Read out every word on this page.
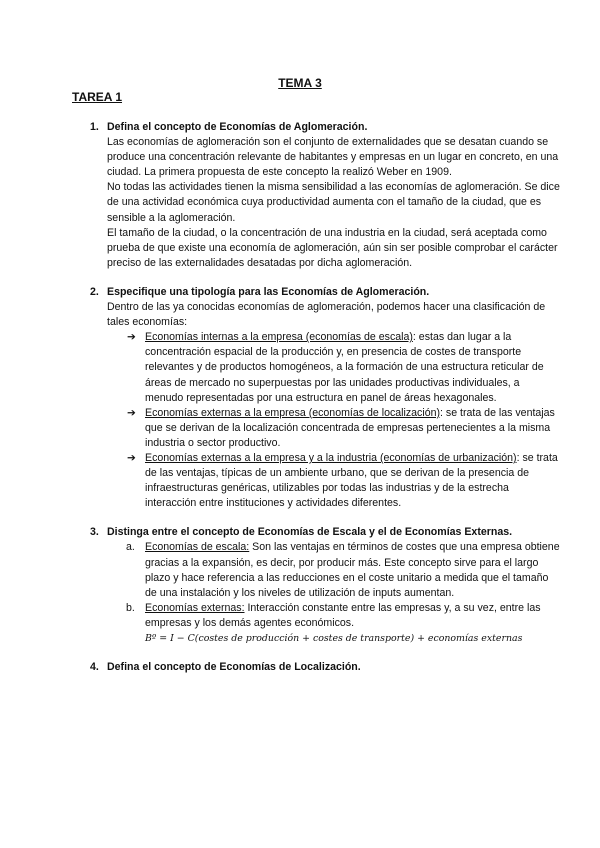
TEMA 3
TAREA 1
1. Defina el concepto de Economías de Aglomeración.

Las economías de aglomeración son el conjunto de externalidades que se desatan cuando se produce una concentración relevante de habitantes y empresas en un lugar en concreto, en una ciudad. La primera propuesta de este concepto la realizó Weber en 1909.

No todas las actividades tienen la misma sensibilidad a las economías de aglomeración. Se dice de una actividad económica cuya productividad aumenta con el tamaño de la ciudad, que es sensible a la aglomeración.

El tamaño de la ciudad, o la concentración de una industria en la ciudad, será aceptada como prueba de que existe una economía de aglomeración, aún sin ser posible comprobar el carácter preciso de las externalidades desatadas por dicha aglomeración.

2. Especifique una tipología para las Economías de Aglomeración.

Dentro de las ya conocidas economías de aglomeración, podemos hacer una clasificación de tales economías:

➔ Economías internas a la empresa (economías de escala): estas dan lugar a la concentración espacial de la producción y, en presencia de costes de transporte relevantes y de productos homogéneos, a la formación de una estructura reticular de áreas de mercado no superpuestas por las unidades productivas individuales, a menudo representadas por una estructura en panel de áreas hexagonales.
➔ Economías externas a la empresa (economías de localización): se trata de las ventajas que se derivan de la localización concentrada de empresas pertenecientes a la misma industria o sector productivo.
➔ Economías externas a la empresa y a la industria (economías de urbanización): se trata de las ventajas, típicas de un ambiente urbano, que se derivan de la presencia de infraestructuras genéricas, utilizables por todas las industrias y de la estrecha interacción entre instituciones y actividades diferentes.
3. Distinga entre el concepto de Economías de Escala y el de Economías Externas.
a. Economías de escala: Son las ventajas en términos de costes que una empresa obtiene gracias a la expansión, es decir, por producir más. Este concepto sirve para el largo plazo y hace referencia a las reducciones en el coste unitario a medida que el tamaño de una instalación y los niveles de utilización de inputs aumentan.
b. Economías externas: Interacción constante entre las empresas y, a su vez, entre las empresas y los demás agentes económicos.
Bº = I − C(costes de producción + costes de transporte) + economías externas
4. Defina el concepto de Economías de Localización.
